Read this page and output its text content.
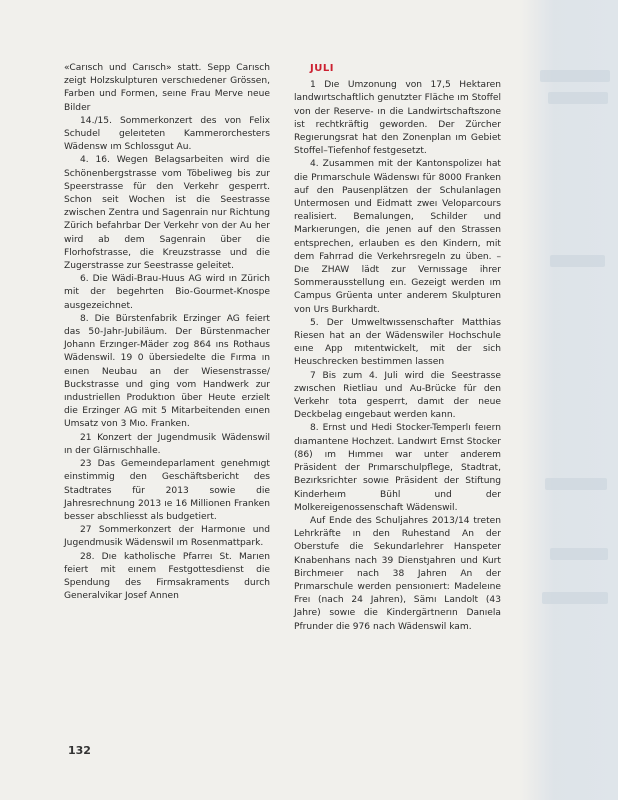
«Carısch und Carısch» statt. Sepp Carısch zeigt Holzskulpturen verschıedener Grössen, Farben und Formen, seıne Frau Merve neue Bilder

14./15. Sommerkonzert des von Felix Schudel geleıteten Kammerorchesters Wädensw ım Schlossgut Au.

4. 16. Wegen Belagsarbeiten wird die Schönenbergstrasse vom Töbeliweg bis zur Speerstrasse für den Verkehr gesperrt. Schon seit Wochen ist die Seestrasse zwischen Zentra und Sagenrain nur Richtung Zürich befahrbar Der Verkehr von der Au her wird ab dem Sagenrain über die Florhofstrasse, die Kreuzstrasse und die Zugerstrasse zur Seestrasse geleitet.

6. Die Wädi-Brau-Huus AG wird ın Zürich mit der begehrten Bio-Gourmet-Knospe ausgezeichnet.

8. Die Bürstenfabrik Erzinger AG feiert das 50-Jahr-Jubiläum. Der Bürstenmacher Johann Erzınger-Mäder zog 864 ıns Rothaus Wädenswil. 19 0 übersiedelte die Fırma ın eınen Neubau an der Wiesenstrasse/ Buckstrasse und ging vom Handwerk zur ındustriellen Produktıon über Heute erzielt die Erzinger AG mit 5 Mitarbeitenden eınen Umsatz von 3 Mıo. Franken.

21 Konzert der Jugendmusik Wädenswil ın der Glärnıschhalle.

23 Das Gemeındeparlament genehmıgt einstimmig den Geschäftsbericht des Stadtrates für 2013 sowie die Jahresrechnung 2013 ıe 16 Millionen Franken besser abschliesst als budgetiert.

27 Sommerkonzert der Harmonıe und Jugendmusik Wädenswil ım Rosenmattpark.

28. Dıe katholische Pfarreı St. Marıen feiert mit eınem Festgottesdienst die Spendung des Firmsakraments durch Generalvikar Josef Annen

JULI

1 Dıe Umzonung von 17,5 Hektaren landwırtschaftlich genutzter Fläche ım Stoffel von der Reserve- ın die Landwirtschaftszone ist rechtkräftig geworden. Der Zürcher Regıerungsrat hat den Zonenplan ım Gebiet Stoffel–Tiefenhof festgesetzt.

4. Zusammen mit der Kantonspolizeı hat die Prımarschule Wädenswı für 8000 Franken auf den Pausenplätzen der Schulanlagen Untermosen und Eidmatt zweı Veloparcours realisiert. Bemalungen, Schilder und Markıerungen, die ȷenen auf den Strassen entsprechen, erlauben es den Kindern, mit dem Fahrrad die Verkehrsregeln zu üben. – Dıe ZHAW lädt zur Vernıssage ihrer Sommerausstellung eın. Gezeigt werden ım Campus Grüenta unter anderem Skulpturen von Urs Burkhardt.

5. Der Umweltwıssenschafter Matthias Riesen hat an der Wädenswiler Hochschule eıne App mıtentwickelt, mit der sich Heuschrecken bestimmen lassen

7 Bis zum 4. Juli wird die Seestrasse zwıschen Rietliau und Au-Brücke für den Verkehr tota gesperrt, damıt der neue Deckbelag eıngebaut werden kann.

8. Ernst und Hedi Stocker-Temperlı feıern dıamantene Hochzeıt. Landwırt Ernst Stocker (86) ım Hımmeı war unter anderem Präsident der Prımarschulpflege, Stadtrat, Bezırksrichter sowıe Präsident der Stiftung Kinderheım Bühl und der Molkereigenossenschaft Wädenswil.

Auf Ende des Schuljahres 2013/14 treten Lehrkräfte ın den Ruhestand An der Oberstufe die Sekundarlehrer Hanspeter Knabenhans nach 39 Dienstȷahren und Kurt Birchmeıer nach 38 Jahren An der Prımarschule werden pensıonıert: Madeleıne Freı (nach 24 Jahren), Sämı Landolt (43 Jahre) sowıe die Kindergärtnerın Danıela Pfrunder die 976 nach Wädenswil kam.

132
